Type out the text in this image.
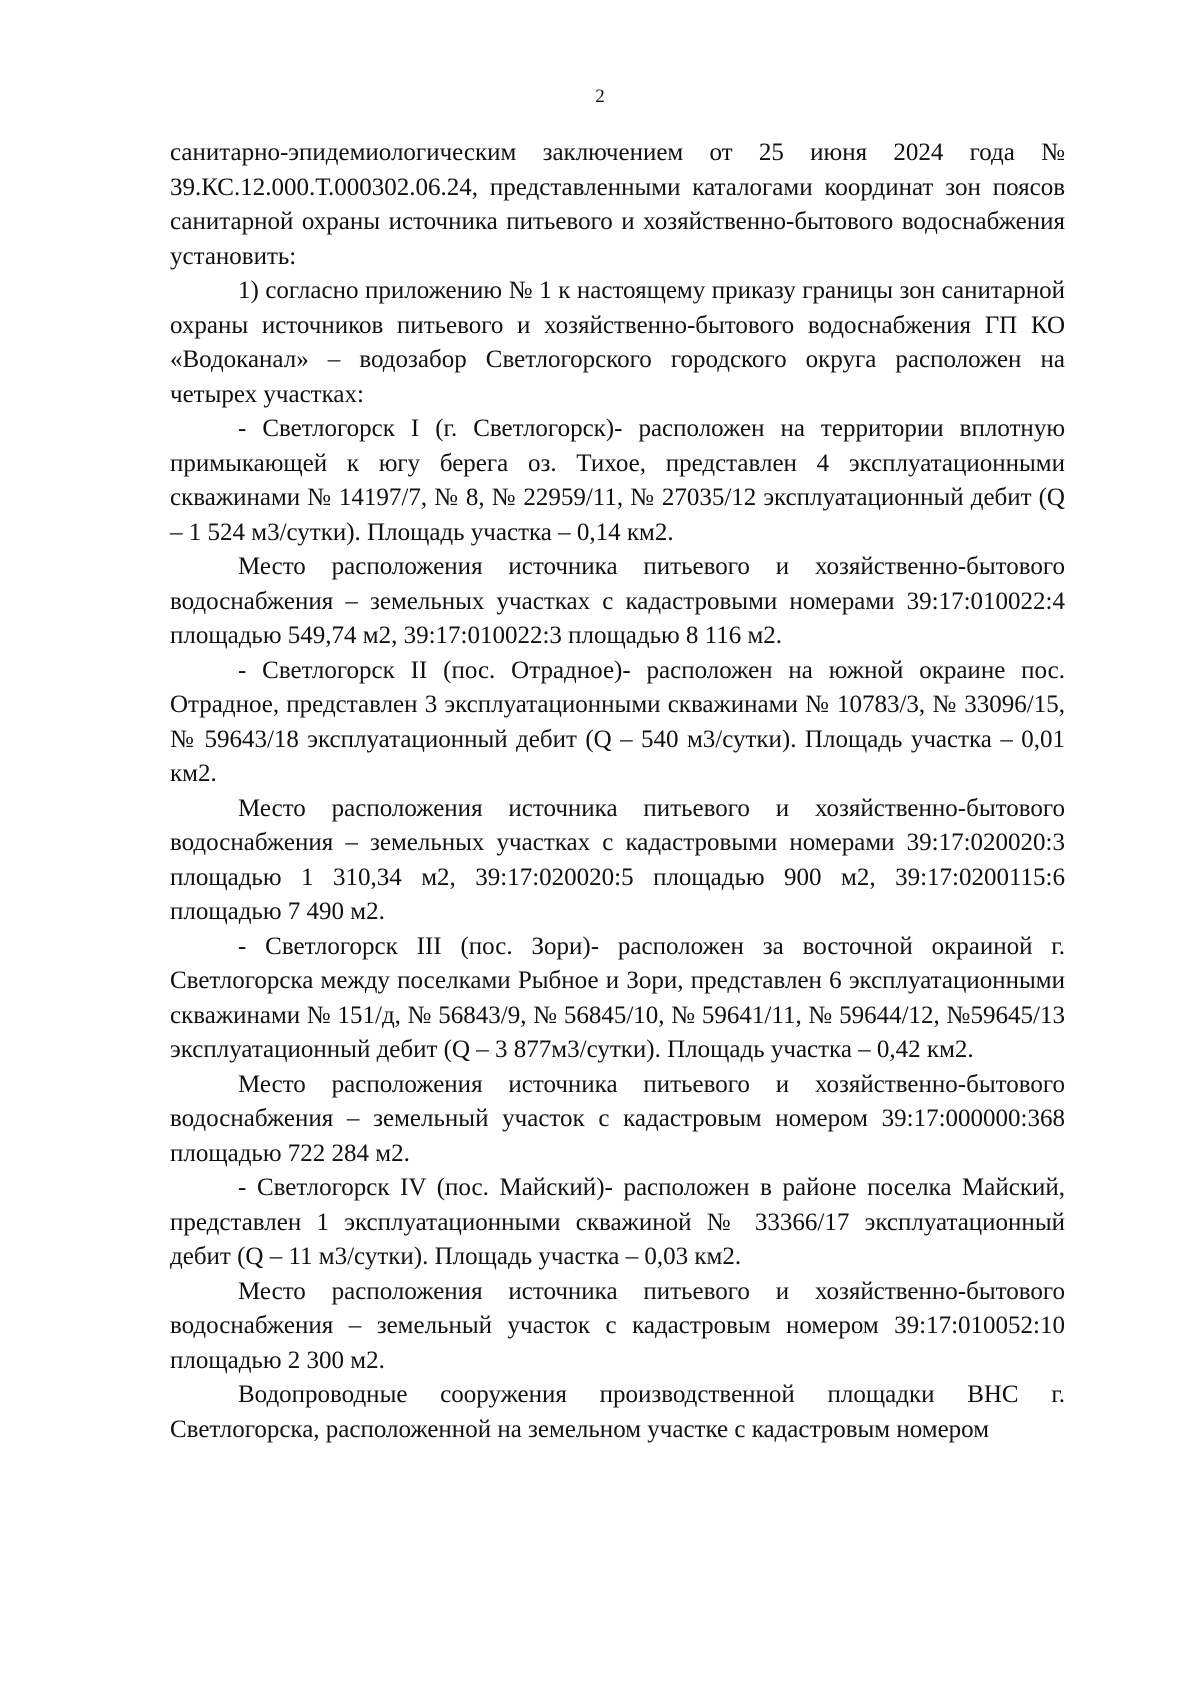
2

санитарно-эпидемиологическим заключением от 25 июня 2024 года № 39.КС.12.000.Т.000302.06.24, представленными каталогами координат зон поясов санитарной охраны источника питьевого и хозяйственно-бытового водоснабжения установить:

1) согласно приложению № 1 к настоящему приказу границы зон санитарной охраны источников питьевого и хозяйственно-бытового водоснабжения ГП КО «Водоканал» – водозабор Светлогорского городского округа расположен на четырех участках:

- Светлогорск I (г. Светлогорск)- расположен на территории вплотную примыкающей к югу берега оз. Тихое, представлен 4 эксплуатационными скважинами № 14197/7, № 8, № 22959/11, № 27035/12 эксплуатационный дебит (Q – 1 524 м3/сутки). Площадь участка – 0,14 км2.

Место расположения источника питьевого и хозяйственно-бытового водоснабжения – земельных участках с кадастровыми номерами 39:17:010022:4 площадью 549,74 м2, 39:17:010022:3 площадью 8 116 м2.

- Светлогорск II (пос. Отрадное)- расположен на южной окраине пос. Отрадное, представлен 3 эксплуатационными скважинами № 10783/3, № 33096/15, № 59643/18 эксплуатационный дебит (Q – 540 м3/сутки). Площадь участка – 0,01 км2.

Место расположения источника питьевого и хозяйственно-бытового водоснабжения – земельных участках с кадастровыми номерами 39:17:020020:3 площадью 1 310,34 м2, 39:17:020020:5 площадью 900 м2, 39:17:0200115:6 площадью 7 490 м2.

- Светлогорск III (пос. Зори)- расположен за восточной окраиной г. Светлогорска между поселками Рыбное и Зори, представлен 6 эксплуатационными скважинами № 151/д, № 56843/9, № 56845/10, № 59641/11, № 59644/12, №59645/13 эксплуатационный дебит (Q – 3 877м3/сутки). Площадь участка – 0,42 км2.

Место расположения источника питьевого и хозяйственно-бытового водоснабжения – земельный участок с кадастровым номером 39:17:000000:368 площадью 722 284 м2.

- Светлогорск IV (пос. Майский)- расположен в районе поселка Майский, представлен 1 эксплуатационными скважиной № 33366/17 эксплуатационный дебит (Q – 11 м3/сутки). Площадь участка – 0,03 км2.

Место расположения источника питьевого и хозяйственно-бытового водоснабжения – земельный участок с кадастровым номером 39:17:010052:10 площадью 2 300 м2.

Водопроводные сооружения производственной площадки ВНС г. Светлогорска, расположенной на земельном участке с кадастровым номером
